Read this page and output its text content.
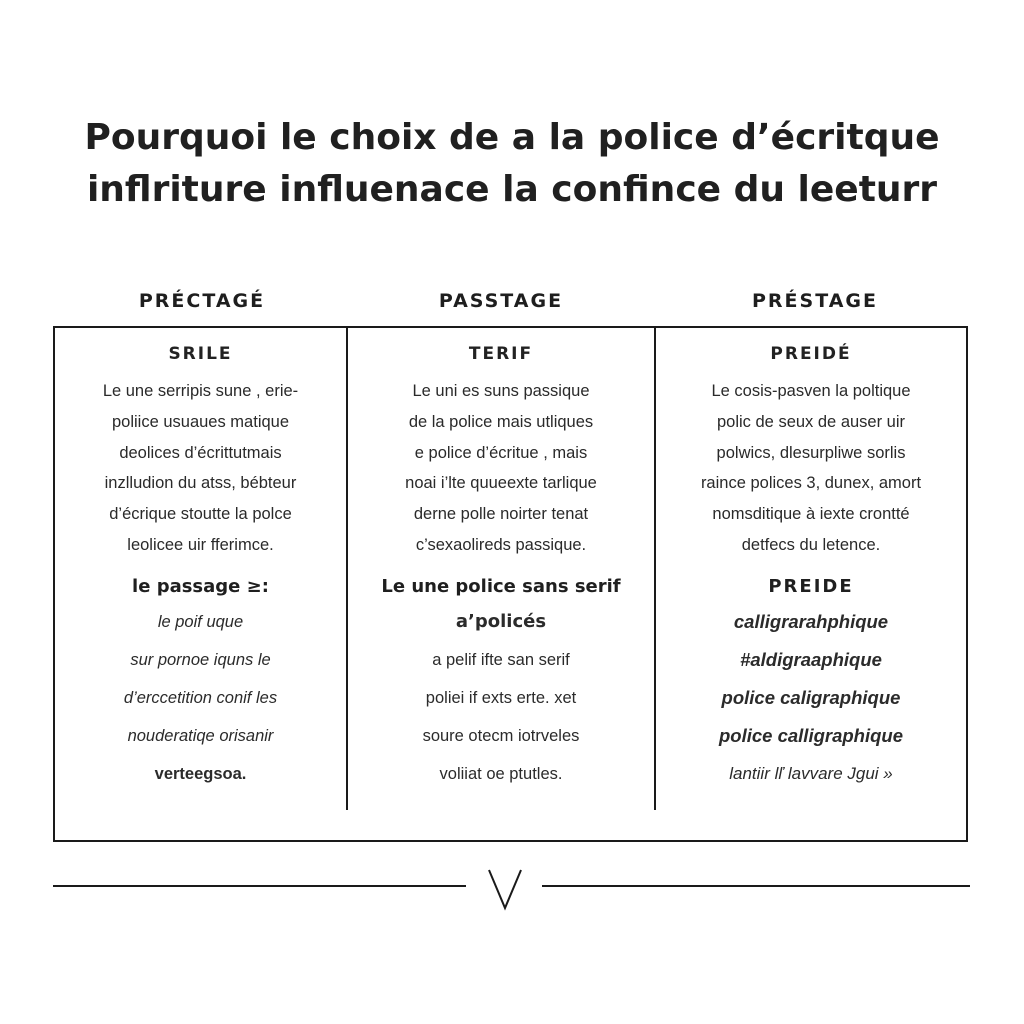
Pourquoi le choix de a la police d’écritque
inflriture influenace la confince du leeturr
PRÉCTAGÉ	PASSTAGE	PRÉSTAGE
SRILE
Le une serripis sune , erie-
poliice usuaues matique
deolices d’écrittutmais
inzlludion du atss, bébteur
d’écrique stoutte la polce
leolicee uir fferimce.
le passage ≥:
le poif uque
sur pornoe iquns le
d’erccetition conif les
nouderatiqe orisanir
verteegsoa.
TERIF
Le uni es suns passique
de la police mais utliques
e police d’écritue , mais
noai i’lte quueexte tarlique
derne polle noirter tenat
c’sexaolireds passique.
Le une police sans serif
a’policés
a pelif ifte san serif
poliei if exts erte. xet
soure otecm iotrveles
voliiat oe ptutles.
PREIDÉ
Le cosis-pasven la poltique
polic de seux de auser uir
polwics, dlesurpliwe sorlis
raince polices 3, dunex, amort
nomsditique à iexte crontté
detfecs du letence.
PREIDE
calligrarahphique
#aldigraaphique
police caligraphique
police calligraphique
lantiir lľ lavvare Jgui »
